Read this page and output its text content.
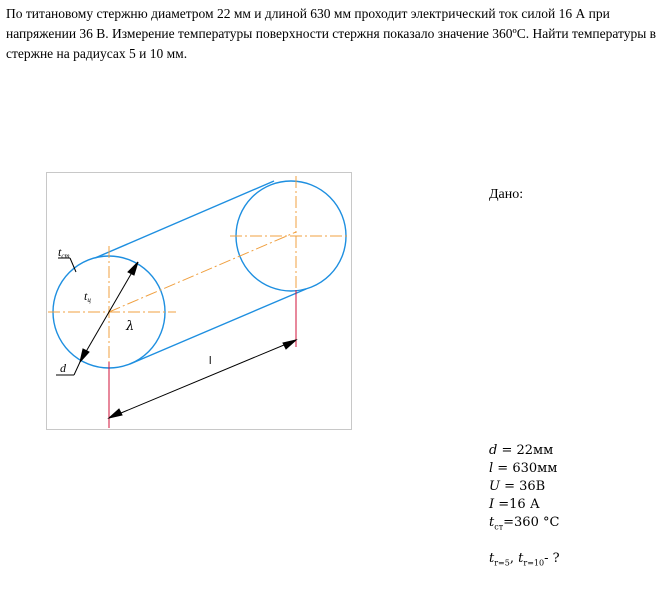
По титановому стержню диаметром 22 мм и длиной 630 мм проходит электрический ток силой 16 А при напряжении 36 В. Измерение температуры поверхности стержня показало значение 360ºС. Найти температуры в стержне на радиусах 5 и 10 мм.
tст
tц
λ
d	l
Дано:
d = 22мм
l = 630мм
U = 36В
I =16 А
$t_{ст}=360$ °С
$t_{r=5}$, $t_{r=10}-$ ?
